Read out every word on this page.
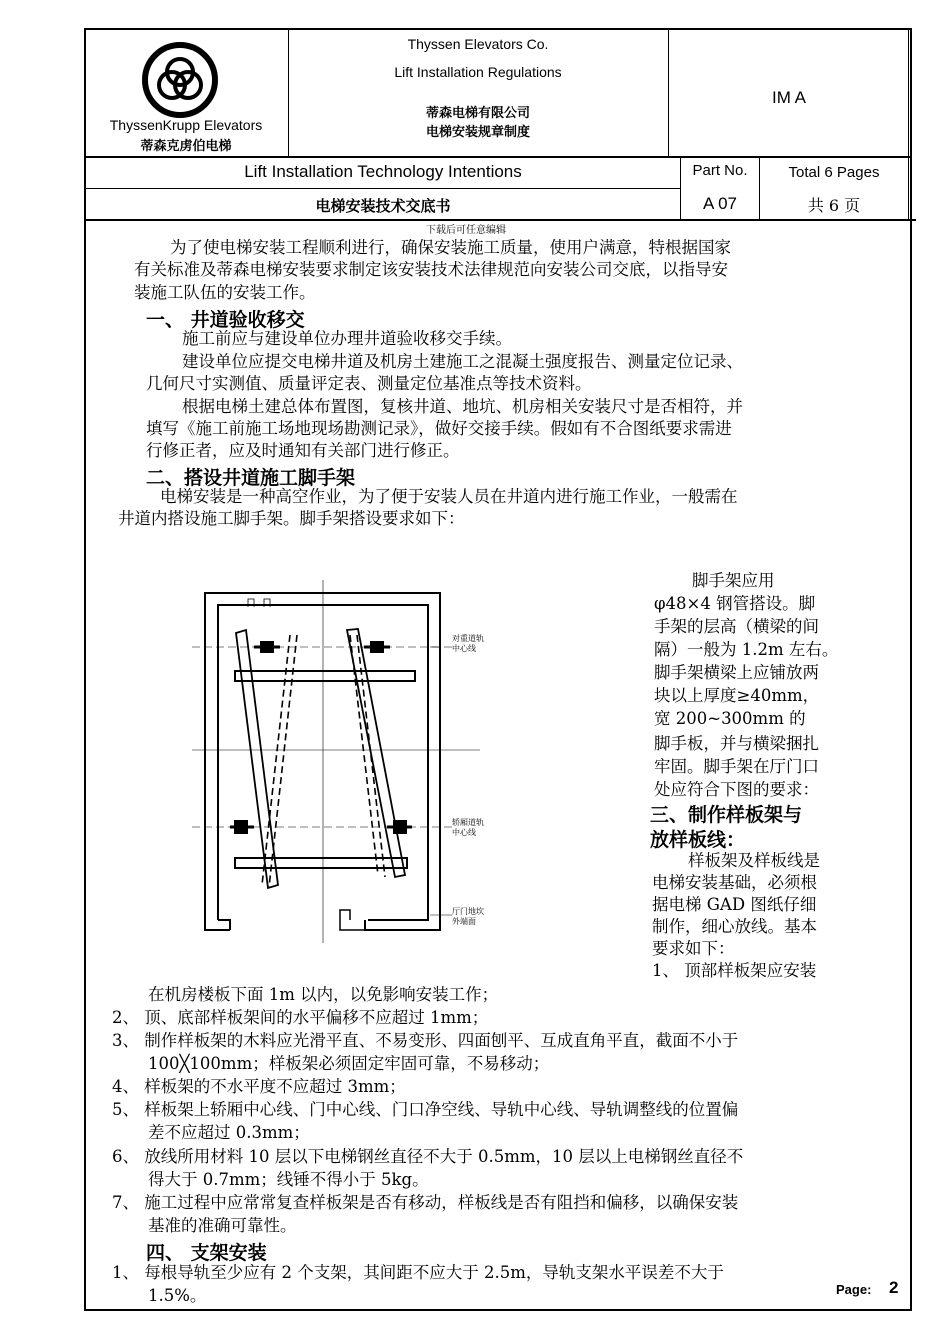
ThyssenKrupp Elevators
蒂森克虏伯电梯
Thyssen Elevators Co.
Lift Installation Regulations
蒂森电梯有限公司
电梯安装规章制度
IM A
Lift Installation Technology Intentions
电梯安装技术交底书
Part No.
A 07
Total 6 Pages
共 6 页
下载后可任意编辑
为了使电梯安装工程顺利进行，确保安装施工质量，使用户满意，特根据国家
有关标准及蒂森电梯安装要求制定该安装技术法律规范向安装公司交底，以指导安
装施工队伍的安装工作。
一、 井道验收移交
施工前应与建设单位办理井道验收移交手续。
建设单位应提交电梯井道及机房土建施工之混凝土强度报告、测量定位记录、
几何尺寸实测值、质量评定表、测量定位基准点等技术资料。
根据电梯土建总体布置图，复核井道、地坑、机房相关安装尺寸是否相符，并
填写《施工前施工场地现场勘测记录》，做好交接手续。假如有不合图纸要求需进
行修正者，应及时通知有关部门进行修正。
二、搭设井道施工脚手架
电梯安装是一种高空作业，为了便于安装人员在井道内进行施工作业，一般需在
井道内搭设施工脚手架。脚手架搭设要求如下：
对重道轨
中心线
轿厢道轨
中心线
厅门地坎
外端面
脚手架应用
φ48×4 钢管搭设。脚
手架的层高（横梁的间
隔）一般为 1.2m 左右。
脚手架横梁上应铺放两
块以上厚度≥40mm，
宽 200~300mm 的
脚手板，并与横梁捆扎
牢固。脚手架在厅门口
处应符合下图的要求：
三、制作样板架与
放样板线：
样板架及样板线是
电梯安装基础，必须根
据电梯 GAD 图纸仔细
制作，细心放线。基本
要求如下：
1、 顶部样板架应安装
在机房楼板下面 1m 以内，以免影响安装工作；
2、 顶、底部样板架间的水平偏移不应超过 1mm；
3、 制作样板架的木料应光滑平直、不易变形、四面刨平、互成直角平直，截面不小于
100╳100mm；样板架必须固定牢固可靠，不易移动；
4、 样板架的不水平度不应超过 3mm；
5、 样板架上轿厢中心线、门中心线、门口净空线、导轨中心线、导轨调整线的位置偏
差不应超过 0.3mm；
6、 放线所用材料 10 层以下电梯钢丝直径不大于 0.5mm，10 层以上电梯钢丝直径不
得大于 0.7mm；线锤不得小于 5kg。
7、 施工过程中应常常复查样板架是否有移动，样板线是否有阻挡和偏移，以确保安装
基准的准确可靠性。
四、 支架安装
1、 每根导轨至少应有 2 个支架，其间距不应大于 2.5m，导轨支架水平误差不大于
1.5%。	Page: 2
